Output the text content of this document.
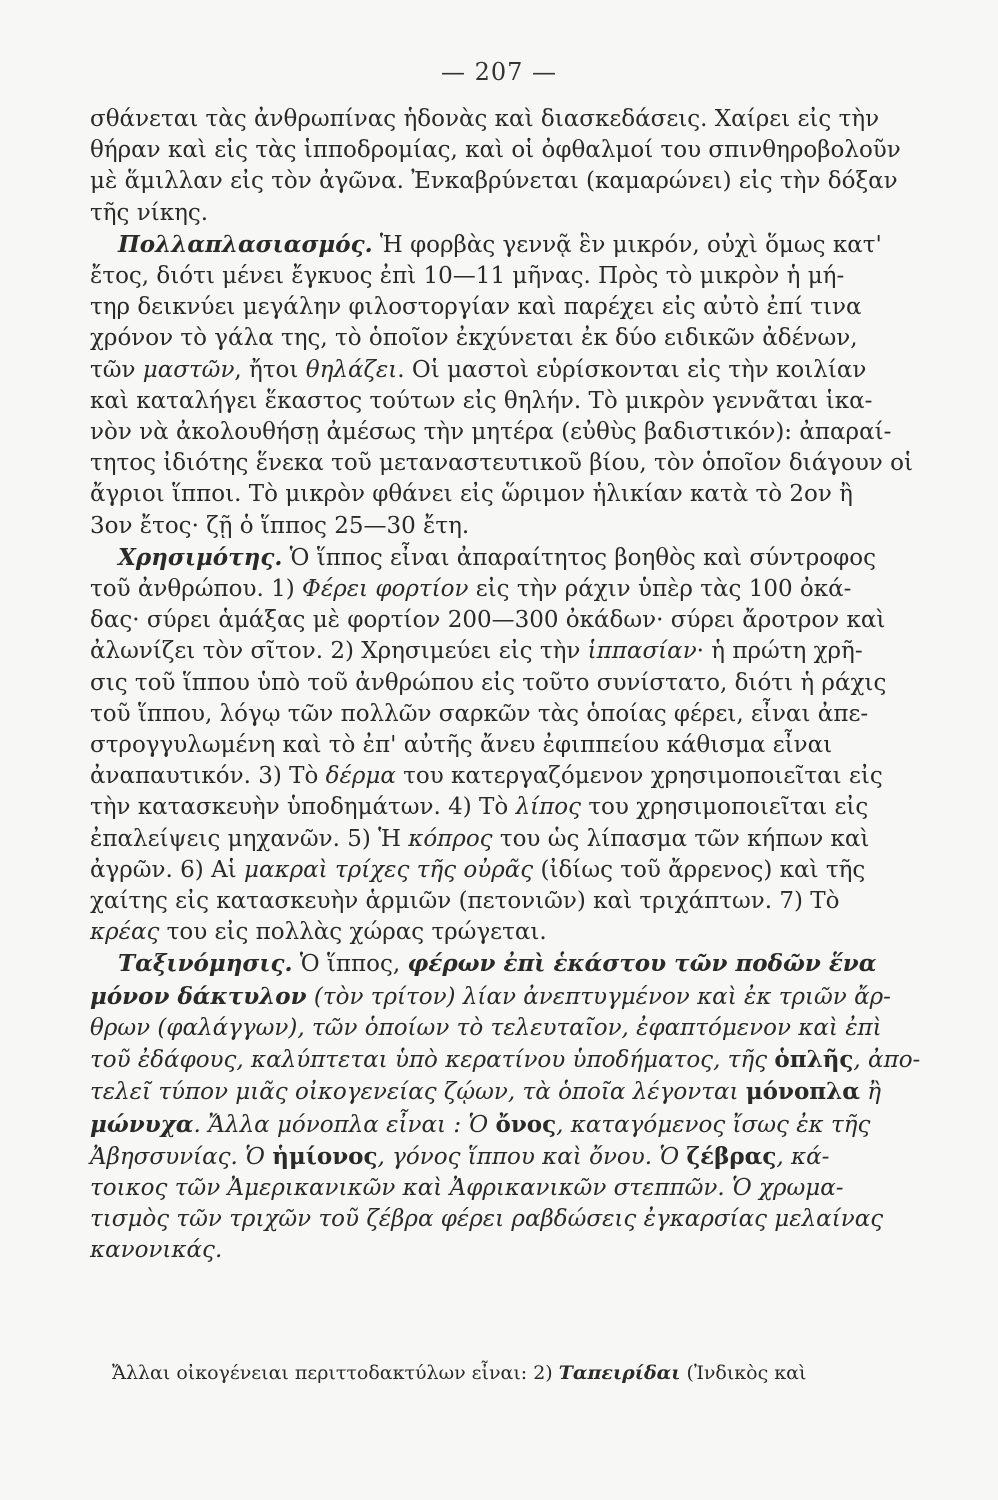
— 207 —
σθάνεται τὰς ἀνθρωπίνας ἡδονὰς καὶ διασκεδάσεις. Χαίρει εἰς τὴν
θήραν καὶ εἰς τὰς ἱπποδρομίας, καὶ οἱ ὀφθαλμοί του σπινθηροβολοῦν
μὲ ἅμιλλαν εἰς τὸν ἀγῶνα. Ἐνκαβρύνεται (καμαρώνει) εἰς τὴν δόξαν
τῆς νίκης.
Πολλαπλασιασμός. Ἡ φορβὰς γεννᾷ ἓν μικρόν, οὐχὶ ὅμως κατ'
ἔτος, διότι μένει ἔγκυος ἐπὶ 10—11 μῆνας. Πρὸς τὸ μικρὸν ἡ μή-
τηρ δεικνύει μεγάλην φιλοστοργίαν καὶ παρέχει εἰς αὐτὸ ἐπί τινα
χρόνον τὸ γάλα της, τὸ ὁποῖον ἐκχύνεται ἐκ δύο ειδικῶν ἀδένων,
τῶν μαστῶν, ἤτοι θηλάζει. Οἱ μαστοὶ εὑρίσκονται εἰς τὴν κοιλίαν
καὶ καταλήγει ἕκαστος τούτων εἰς θηλήν. Τὸ μικρὸν γεννᾶται ἱκα-
νὸν νὰ ἀκολουθήσῃ ἀμέσως τὴν μητέρα (εὐθὺς βαδιστικόν): ἀπαραί-
τητος ἰδιότης ἕνεκα τοῦ μεταναστευτικοῦ βίου, τὸν ὁποῖον διάγουν οἱ
ἄγριοι ἵπποι. Τὸ μικρὸν φθάνει εἰς ὥριμον ἡλικίαν κατὰ τὸ 2ον ἢ
3ον ἔτος· ζῇ ὁ ἵππος 25—30 ἔτη.
Χρησιμότης. Ὁ ἵππος εἶναι ἀπαραίτητος βοηθὸς καὶ σύντροφος
τοῦ ἀνθρώπου. 1) Φέρει φορτίον εἰς τὴν ράχιν ὑπὲρ τὰς 100 ὀκά-
δας· σύρει ἁμάξας μὲ φορτίον 200—300 ὀκάδων· σύρει ἄροτρον καὶ
ἀλωνίζει τὸν σῖτον. 2) Χρησιμεύει εἰς τὴν ἱππασίαν· ἡ πρώτη χρῆ-
σις τοῦ ἵππου ὑπὸ τοῦ ἀνθρώπου εἰς τοῦτο συνίστατο, διότι ἡ ράχις
τοῦ ἵππου, λόγῳ τῶν πολλῶν σαρκῶν τὰς ὁποίας φέρει, εἶναι ἀπε-
στρογγυλωμένη καὶ τὸ ἐπ' αὐτῆς ἄνευ ἐφιππείου κάθισμα εἶναι
ἀναπαυτικόν. 3) Τὸ δέρμα του κατεργαζόμενον χρησιμοποιεῖται εἰς
τὴν κατασκευὴν ὑποδημάτων. 4) Τὸ λίπος του χρησιμοποιεῖται εἰς
ἐπαλείψεις μηχανῶν. 5) Ἡ κόπρος του ὡς λίπασμα τῶν κήπων καὶ
ἀγρῶν. 6) Αἱ μακραὶ τρίχες τῆς οὐρᾶς (ἰδίως τοῦ ἄρρενος) καὶ τῆς
χαίτης εἰς κατασκευὴν ἁρμιῶν (πετονιῶν) καὶ τριχάπτων. 7) Τὸ
κρέας του εἰς πολλὰς χώρας τρώγεται.
Ταξινόμησις. Ὁ ἵππος, φέρων ἐπὶ ἑκάστου τῶν ποδῶν ἕνα
μόνον δάκτυλον (τὸν τρίτον) λίαν ἀνεπτυγμένον καὶ ἐκ τριῶν ἄρ-
θρων (φαλάγγων), τῶν ὁποίων τὸ τελευταῖον, ἐφαπτόμενον καὶ ἐπὶ
τοῦ ἐδάφους, καλύπτεται ὑπὸ κερατίνου ὑποδήματος, τῆς ὁπλῆς, ἀπο-
τελεῖ τύπον μιᾶς οἰκογενείας ζῴων, τὰ ὁποῖα λέγονται μόνοπλα ἢ
μώνυχα. Ἄλλα μόνοπλα εἶναι : Ὁ ὄνος, καταγόμενος ἴσως ἐκ τῆς
Ἀβησσυνίας. Ὁ ἡμίονος, γόνος ἵππου καὶ ὄνου. Ὁ ζέβρας, κά-
τοικος τῶν Ἀμερικανικῶν καὶ Ἀφρικανικῶν στεππῶν. Ὁ χρωμα-
τισμὸς τῶν τριχῶν τοῦ ζέβρα φέρει ραβδώσεις ἐγκαρσίας μελαίνας
κανονικάς.
Ἄλλαι οἰκογένειαι περιττοδακτύλων εἶναι: 2) Ταπειρίδαι (Ἰνδικὸς καὶ
